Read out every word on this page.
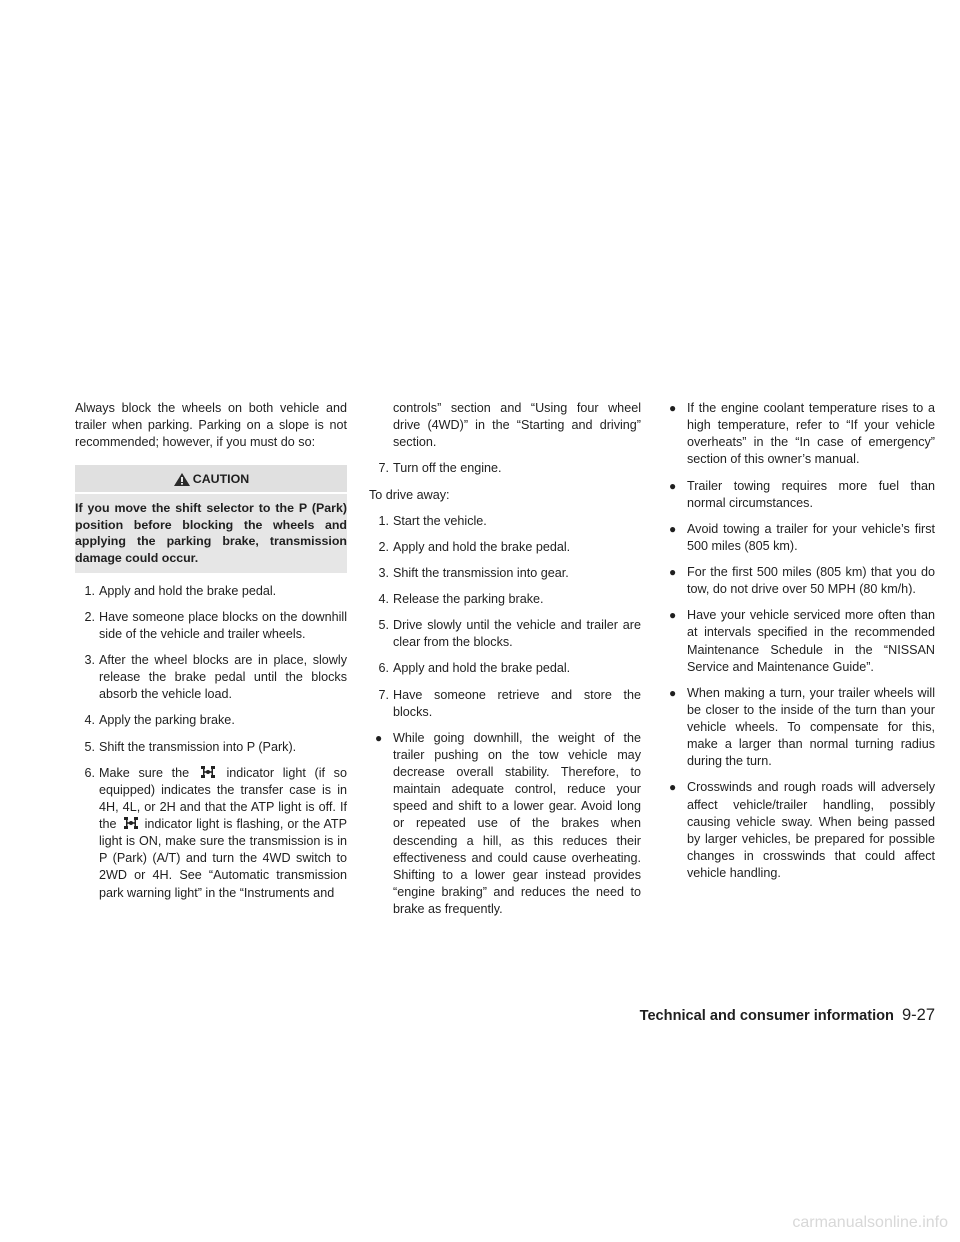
Always block the wheels on both vehicle and trailer when parking. Parking on a slope is not recommended; however, if you must do so:

CAUTION
If you move the shift selector to the P (Park) position before blocking the wheels and applying the parking brake, transmission damage could occur.
1. Apply and hold the brake pedal.
2. Have someone place blocks on the downhill side of the vehicle and trailer wheels.
3. After the wheel blocks are in place, slowly release the brake pedal until the blocks absorb the vehicle load.
4. Apply the parking brake.
5. Shift the transmission into P (Park).
6. Make sure the	indicator light (if so equipped) indicates the transfer case is in 4H, 4L, or 2H and that the ATP light is off. If the indicator light is flashing, or the ATP light is ON, make sure the transmission is in P (Park) (A/T) and turn the 4WD switch to 2WD or 4H. See “Automatic transmission park warning light” in the “Instruments and
controls” section and “Using four wheel drive (4WD)” in the “Starting and driving” section.
7. Turn off the engine.

To drive away:

1. Start the vehicle.
2. Apply and hold the brake pedal.
3. Shift the transmission into gear.
4. Release the parking brake.
5. Drive slowly until the vehicle and trailer are clear from the blocks.
6. Apply and hold the brake pedal.
7. Have someone retrieve and store the blocks.
● While going downhill, the weight of the trailer pushing on the tow vehicle may decrease overall stability. Therefore, to maintain adequate control, reduce your speed and shift to a lower gear. Avoid long or repeated use of the brakes when descending a hill, as this reduces their effectiveness and could cause overheating. Shifting to a lower gear instead provides “engine braking” and reduces the need to brake as frequently.
● If the engine coolant temperature rises to a high temperature, refer to “If your vehicle overheats” in the “In case of emergency” section of this owner’s manual.
● Trailer towing requires more fuel than normal circumstances.
● Avoid towing a trailer for your vehicle’s first 500 miles (805 km).
● For the first 500 miles (805 km) that you do tow, do not drive over 50 MPH (80 km/h).
● Have your vehicle serviced more often than at intervals specified in the recommended Maintenance Schedule in the “NISSAN Service and Maintenance Guide”.
● When making a turn, your trailer wheels will be closer to the inside of the turn than your vehicle wheels. To compensate for this, make a larger than normal turning radius during the turn.
● Crosswinds and rough roads will adversely affect vehicle/trailer handling, possibly causing vehicle sway. When being passed by larger vehicles, be prepared for possible changes in crosswinds that could affect vehicle handling.
Technical and consumer information 9-27
carmanualsonline.info
